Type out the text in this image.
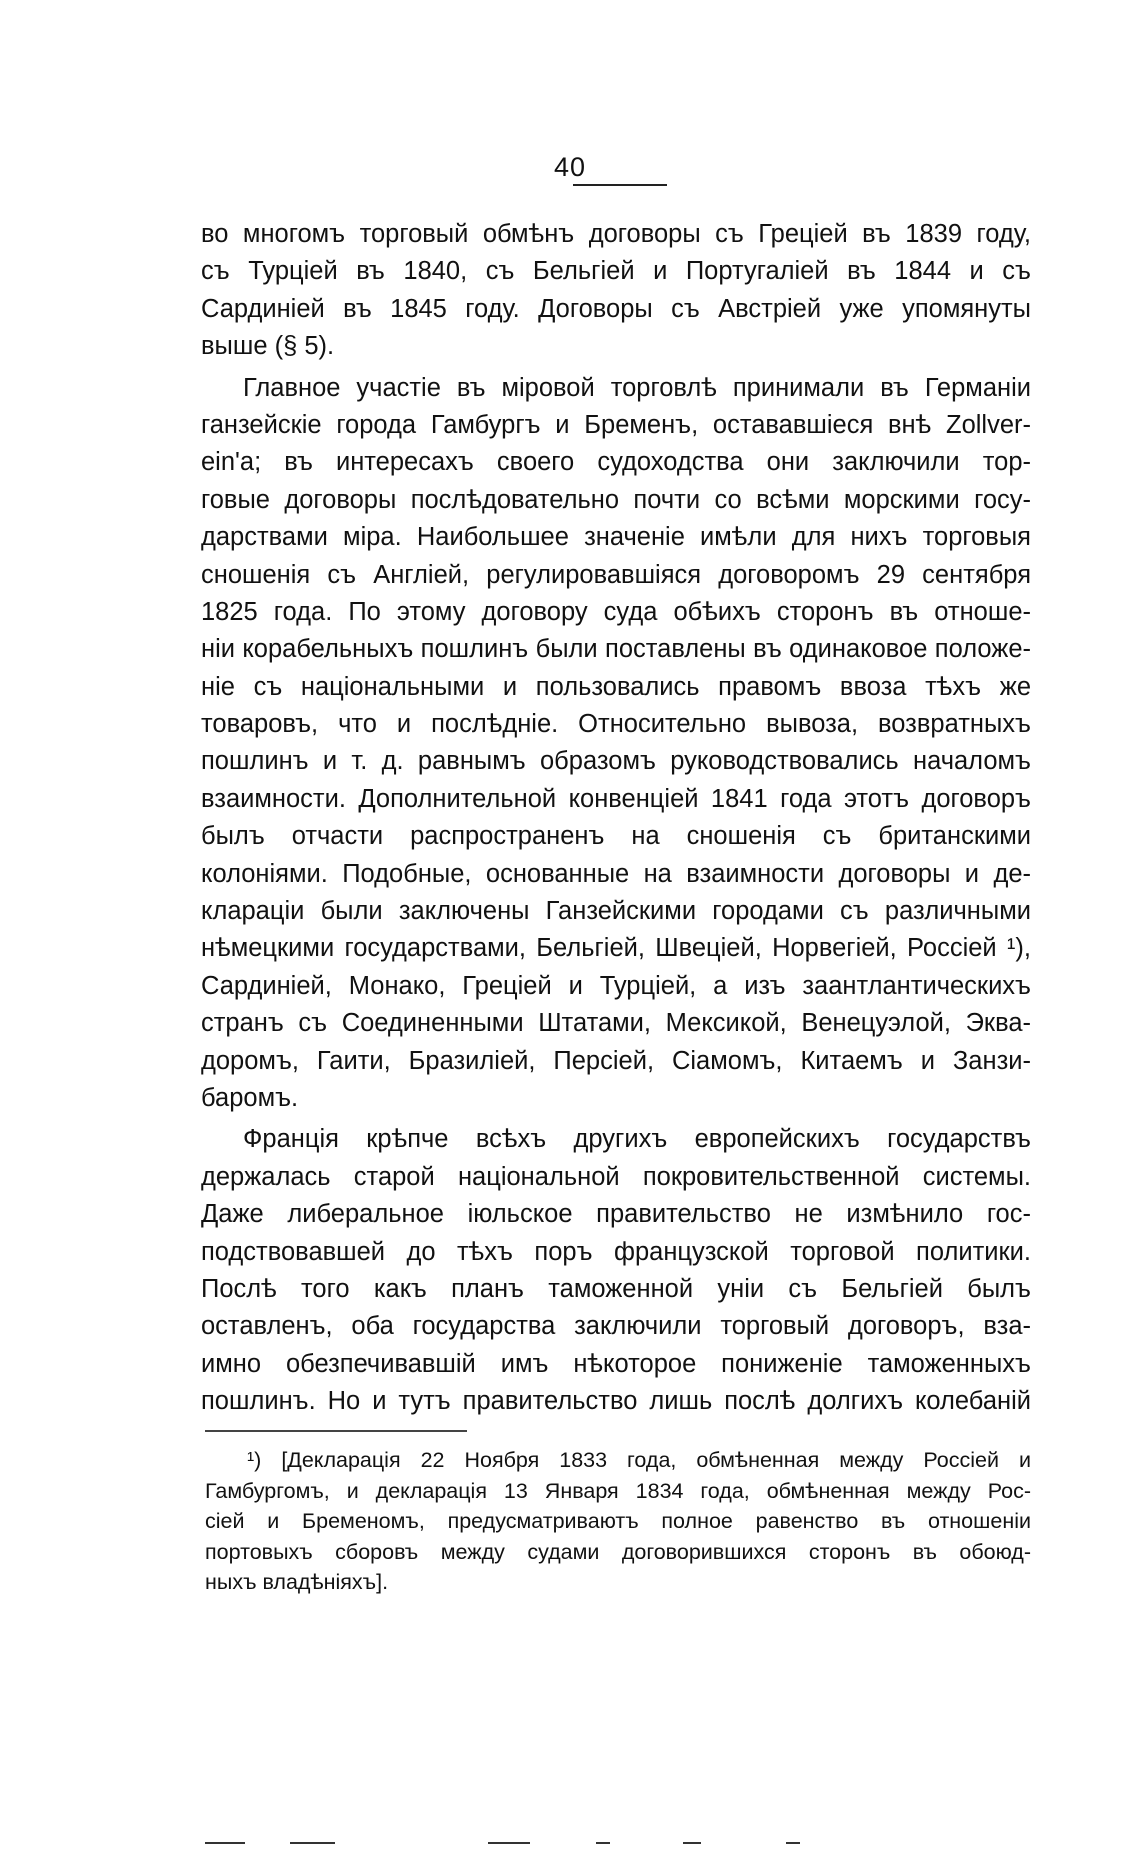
40
во многомъ торговый обмѣнъ договоры съ Греціей въ 1839 году,
съ Турціей въ 1840, съ Бельгіей и Португаліей въ 1844 и съ
Сардиніей въ 1845 году. Договоры съ Австріей уже упомянуты
выше (§ 5).
Главное участіе въ міровой торговлѣ принимали въ Германіи
ганзейскіе города Гамбургъ и Бременъ, остававшіеся внѣ Zollver-
ein'a; въ интересахъ своего судоходства они заключили тор-
говые договоры послѣдовательно почти со всѣми морскими госу-
дарствами міра. Наибольшее значеніе имѣли для нихъ торговыя
сношенія съ Англіей, регулировавшіяся договоромъ 29 сентября
1825 года. По этому договору суда обѣихъ сторонъ въ отноше-
ніи корабельныхъ пошлинъ были поставлены въ одинаковое положе-
ніе съ національными и пользовались правомъ ввоза тѣхъ же
товаровъ, что и послѣдніе. Относительно вывоза, возвратныхъ
пошлинъ и т. д. равнымъ образомъ руководствовались началомъ
взаимности. Дополнительной конвенціей 1841 года этотъ договоръ
былъ отчасти распространенъ на сношенія съ британскими
колоніями. Подобные, основанные на взаимности договоры и де-
клараціи были заключены Ганзейскими городами съ различными
нѣмецкими государствами, Бельгіей, Швеціей, Норвегіей, Россіей ¹),
Сардиніей, Монако, Греціей и Турціей, а изъ заантлантическихъ
странъ съ Соединенными Штатами, Мексикой, Венецуэлой, Эква-
доромъ, Гаити, Бразиліей, Персіей, Сіамомъ, Китаемъ и Занзи-
баромъ.
Франція крѣпче всѣхъ другихъ европейскихъ государствъ
держалась старой національной покровительственной системы.
Даже либеральное іюльское правительство не измѣнило гос-
подствовавшей до тѣхъ поръ французской торговой политики.
Послѣ того какъ планъ таможенной уніи съ Бельгіей былъ
оставленъ, оба государства заключили торговый договоръ, вза-
имно обезпечивавшій имъ нѣкоторое пониженіе таможенныхъ
пошлинъ. Но и тутъ правительство лишь послѣ долгихъ колебаній
¹) [Декларація 22 Ноября 1833 года, обмѣненная между Россіей и
Гамбургомъ, и декларація 13 Января 1834 года, обмѣненная между Рос-
сіей и Бременомъ, предусматриваютъ полное равенство въ отношеніи
портовыхъ сборовъ между судами договорившихся сторонъ въ обоюд-
ныхъ владѣніяхъ].
